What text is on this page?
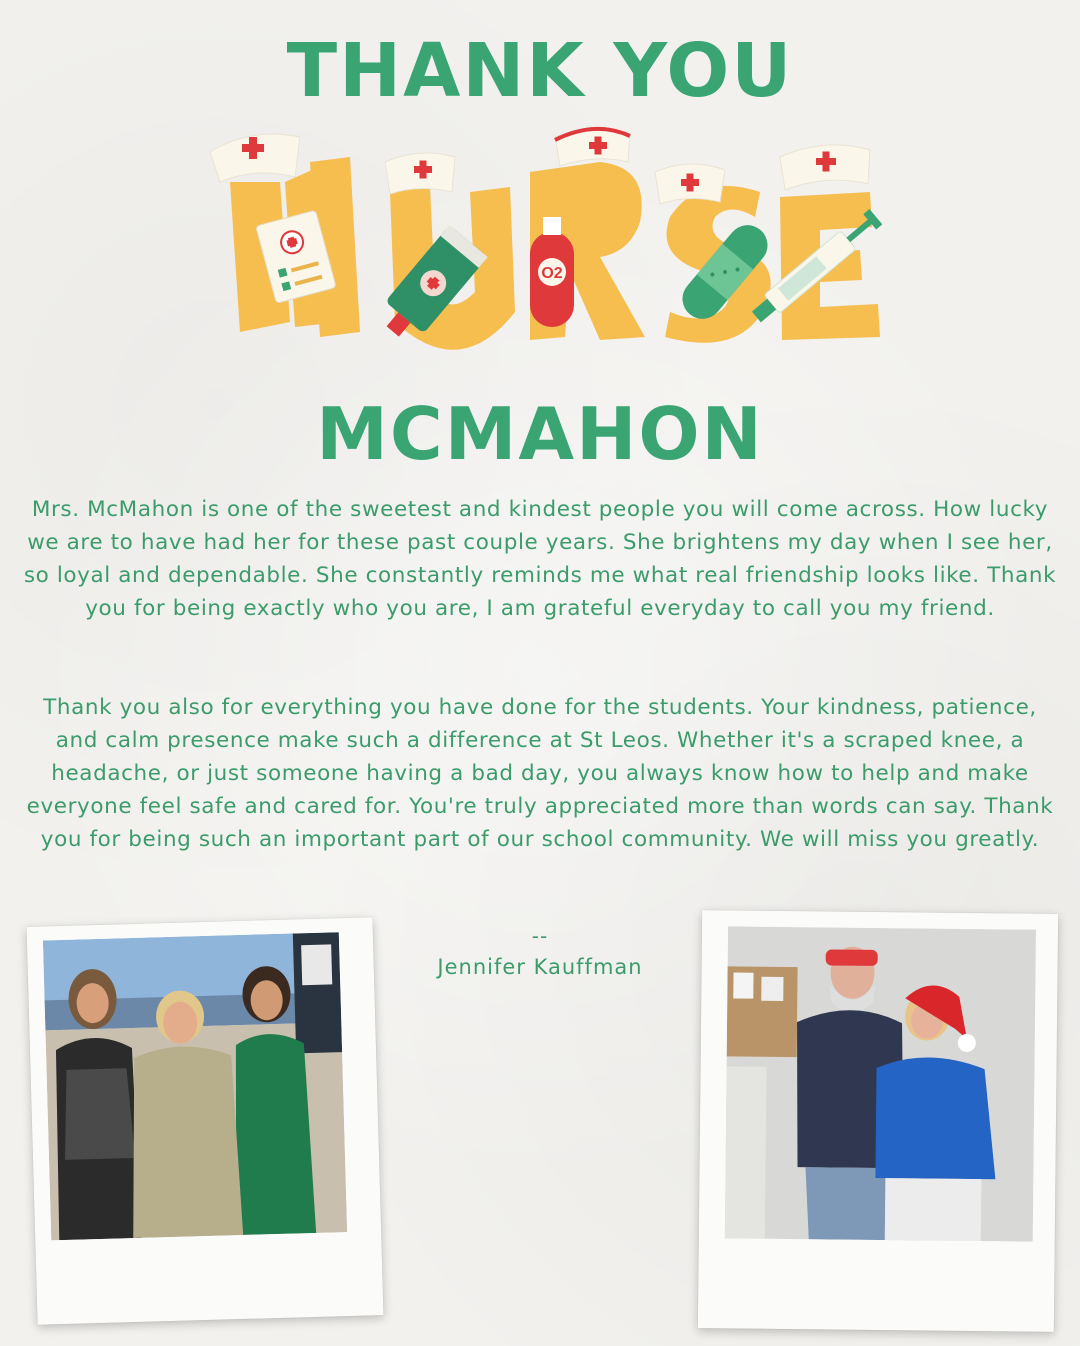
THANK YOU
O2
MCMAHON
Mrs. McMahon is one of the sweetest and kindest people you will come across. How lucky we are to have had her for these past couple years. She brightens my day when I see her, so loyal and dependable. She constantly reminds me what real friendship looks like. Thank you for being exactly who you are, I am grateful everyday to call you my friend.
Thank you also for everything you have done for the students. Your kindness, patience, and calm presence make such a difference at St Leos. Whether it's a scraped knee, a headache, or just someone having a bad day, you always know how to help and make everyone feel safe and cared for. You're truly appreciated more than words can say. Thank you for being such an important part of our school community. We will miss you greatly.
--
Jennifer Kauffman
